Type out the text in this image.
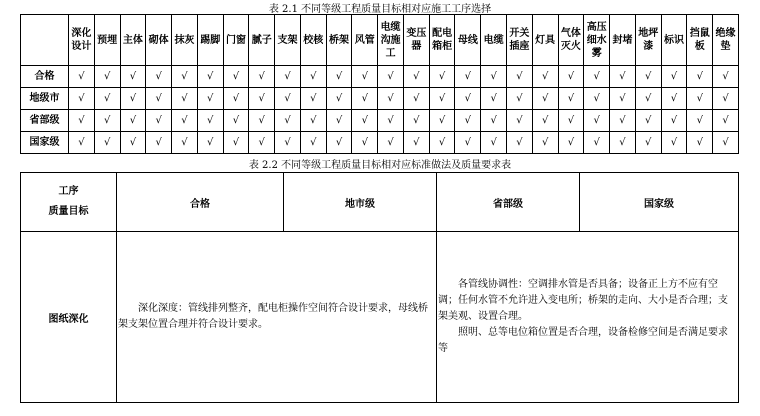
表 2.1 不同等级工程质量目标相对应施工工序选择
	深化设计	预埋	主体	砌体	抹灰	踢脚	门窗	腻子	支架	校核	桥架	风管	电缆沟施工	变压器	配电箱柜	母线	电缆	开关插座	灯具	气体灭火	高压细水雾	封堵	地坪漆	标识	挡鼠板	绝缘垫
合格	√	√	√	√	√	√	√	√	√	√	√	√	√	√	√	√	√	√	√	√	√	√	√	√	√	√
地级市	√	√	√	√	√	√	√	√	√	√	√	√	√	√	√	√	√	√	√	√	√	√	√	√	√	√
省部级	√	√	√	√	√	√	√	√	√	√	√	√	√	√	√	√	√	√	√	√	√	√	√	√	√	√
国家级	√	√	√	√	√	√	√	√	√	√	√	√	√	√	√	√	√	√	√	√	√	√	√	√	√	√
表 2.2 不同等级工程质量目标相对应标准做法及质量要求表
工序
质量目标	合格	地市级	省部级	国家级
图纸深化	深化深度：管线排列整齐，配电柜操作空间符合设计要求，母线桥架支架位置合理并符合设计要求。		各管线协调性：空调排水管是否具备；设备正上方不应有空调；任何水管不允许进入变电所；桥架的走向、大小是否合理；支架美观、设置合理。
照明、总等电位箱位置是否合理，设备检修空间是否满足要求等	
